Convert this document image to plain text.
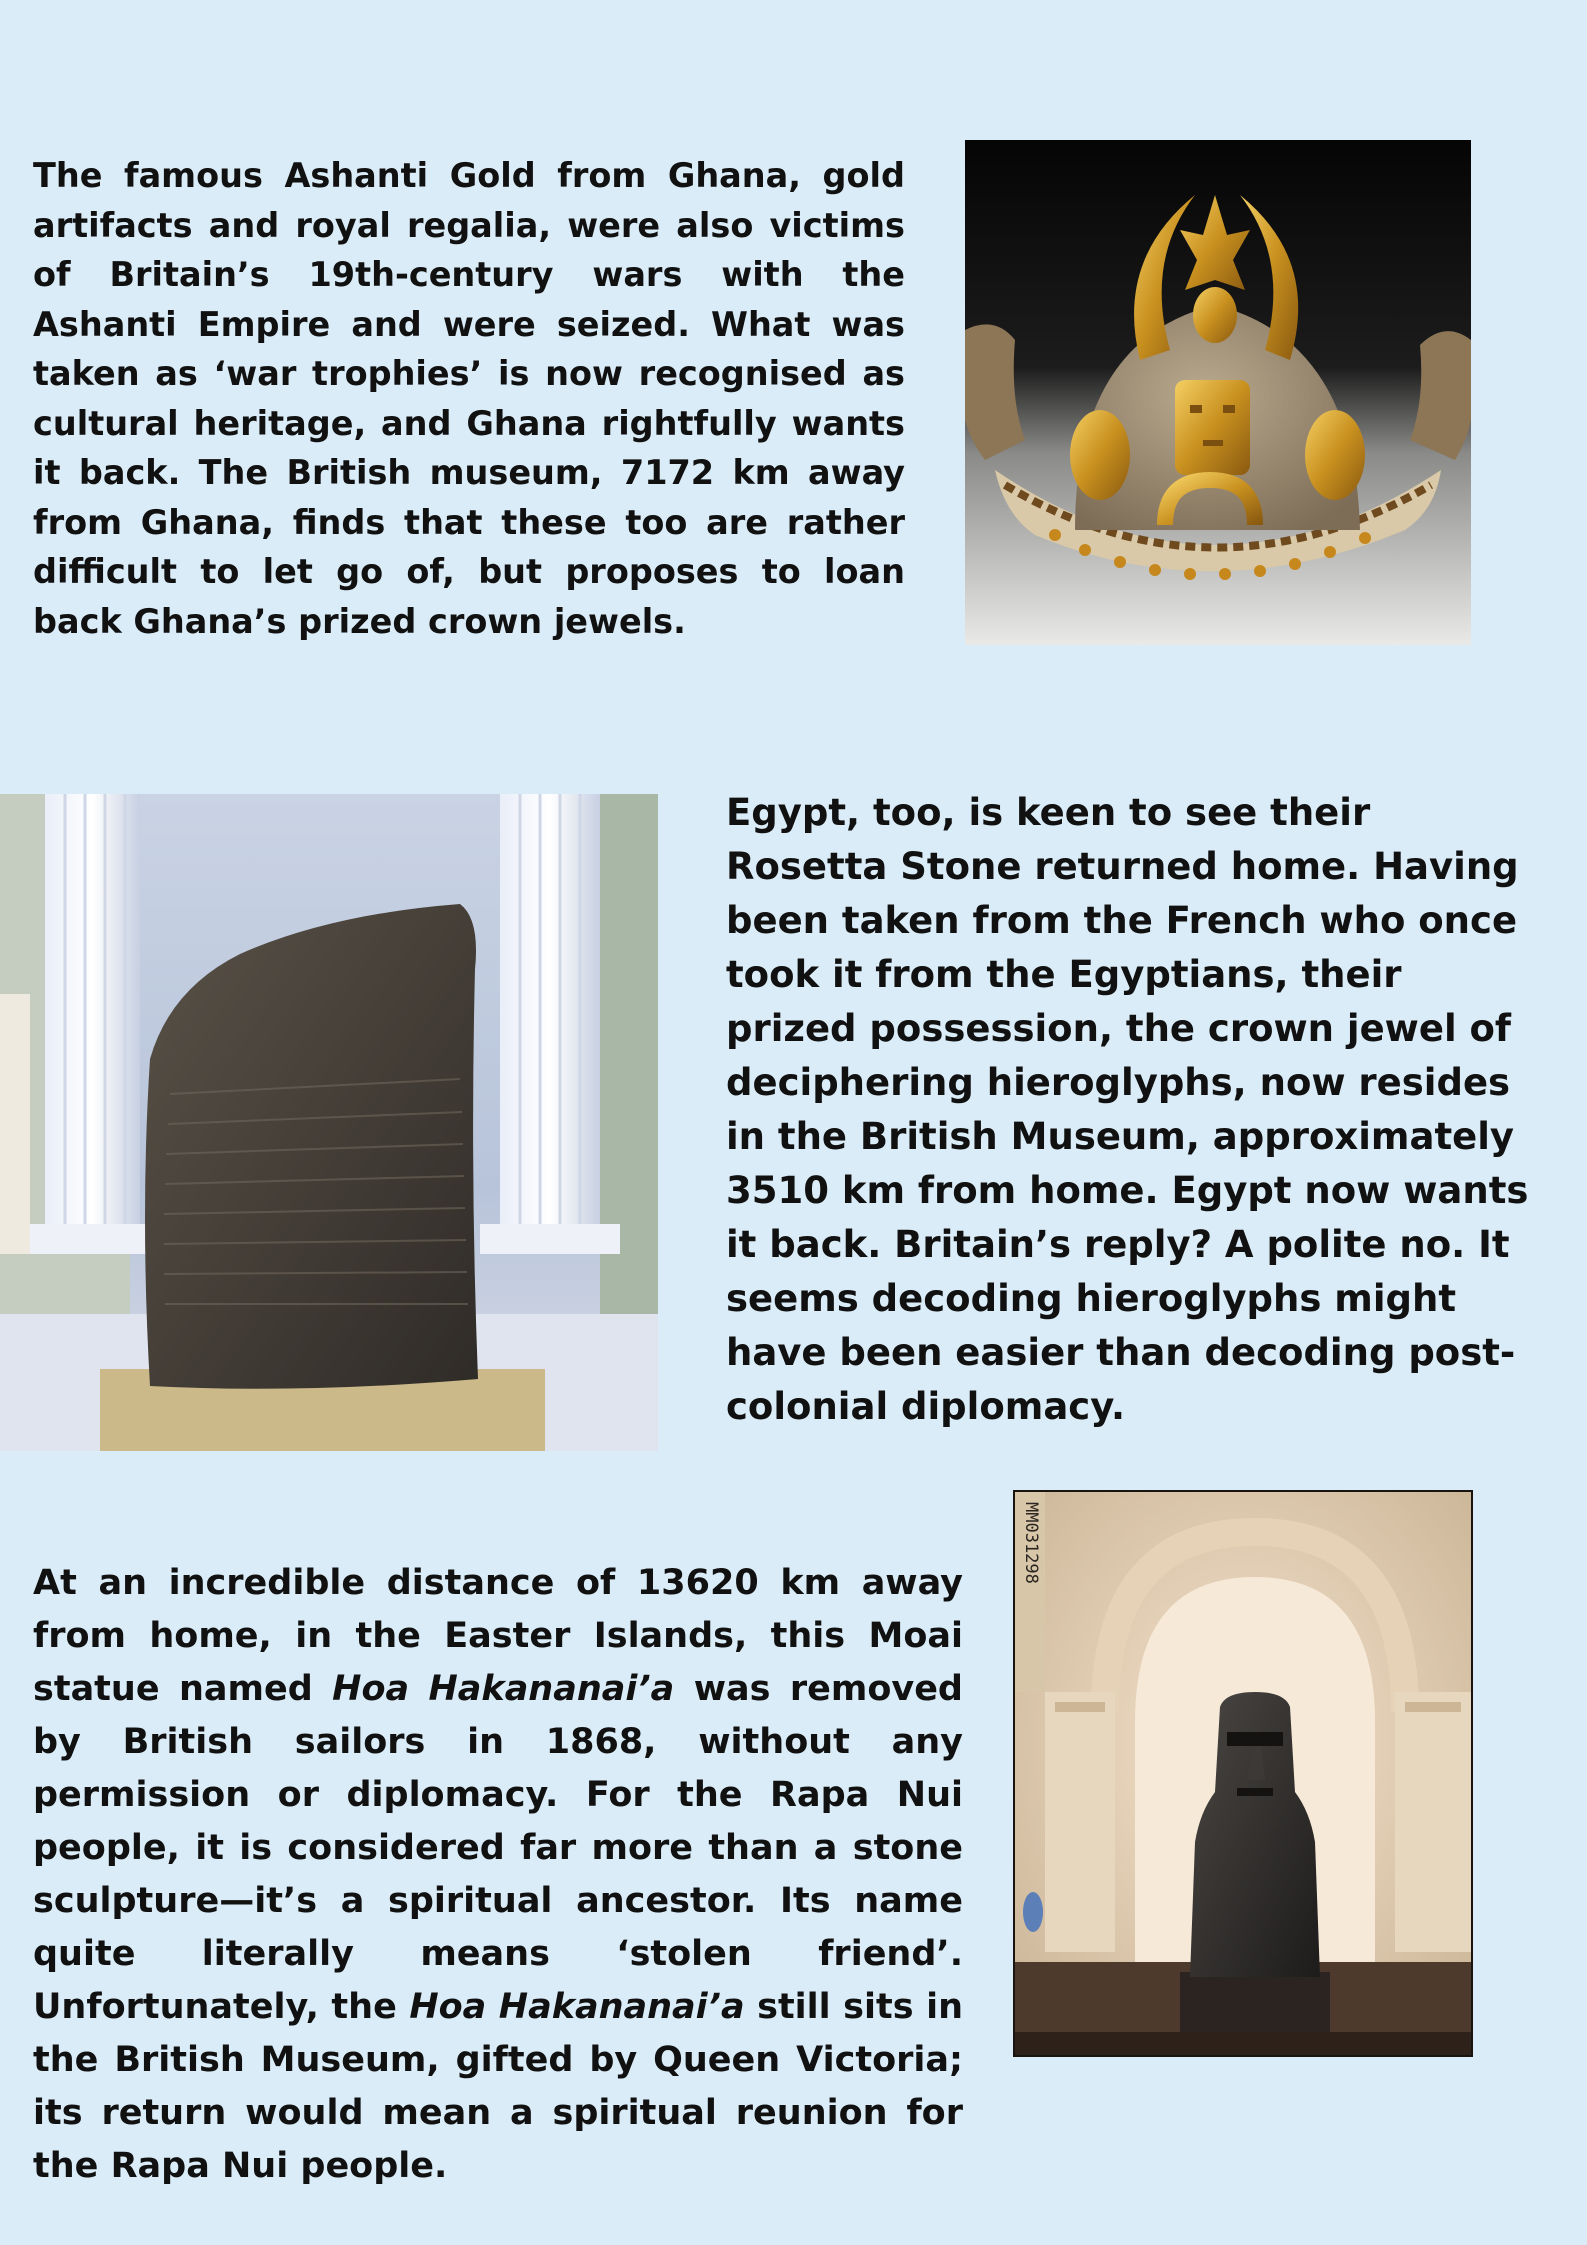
The famous Ashanti Gold from Ghana, gold artifacts and royal regalia, were also victims of Britain’s 19th-century wars with the Ashanti Empire and were seized. What was taken as ‘war trophies’ is now recognised as cultural heritage, and Ghana rightfully wants it back. The British museum, 7172 km away from Ghana, finds that these too are rather difficult to let go of, but proposes to loan back Ghana’s prized crown jewels.

Egypt, too, is keen to see their Rosetta Stone returned home. Having been taken from the French who once took it from the Egyptians, their prized possession, the crown jewel of deciphering hieroglyphs, now resides in the British Museum, approximately 3510 km from home. Egypt now wants it back. Britain’s reply? A polite no. It seems decoding hieroglyphs might have been easier than decoding post-colonial diplomacy.

At an incredible distance of 13620 km away from home, in the Easter Islands, this Moai statue named Hoa Hakananai’a was removed by British sailors in 1868, without any permission or diplomacy. For the Rapa Nui people, it is considered far more than a stone sculpture—it’s a spiritual ancestor. Its name quite literally means ‘stolen friend’. Unfortunately, the Hoa Hakananai’a still sits in the British Museum, gifted by Queen Victoria; its return would mean a spiritual reunion for the Rapa Nui people.

MM031298
